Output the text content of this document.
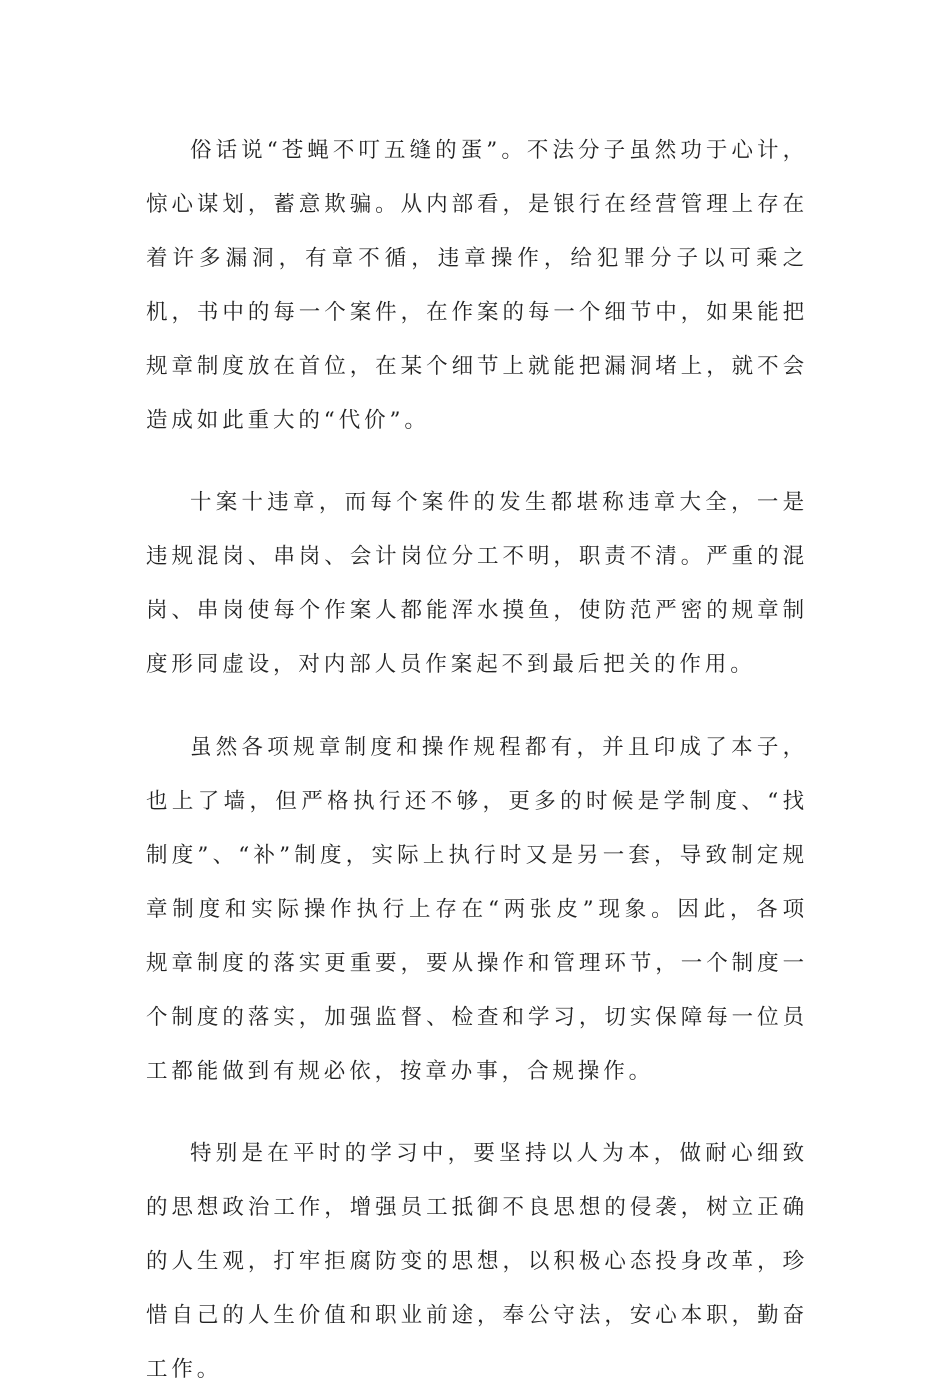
俗话说“苍蝇不叮五缝的蛋”。不法分子虽然功于心计，惊心谋划，蓄意欺骗。从内部看，是银行在经营管理上存在着许多漏洞，有章不循，违章操作，给犯罪分子以可乘之机，书中的每一个案件，在作案的每一个细节中，如果能把规章制度放在首位，在某个细节上就能把漏洞堵上，就不会造成如此重大的“代价”。

十案十违章，而每个案件的发生都堪称违章大全，一是违规混岗、串岗、会计岗位分工不明，职责不清。严重的混岗、串岗使每个作案人都能浑水摸鱼，使防范严密的规章制度形同虚设，对内部人员作案起不到最后把关的作用。

虽然各项规章制度和操作规程都有，并且印成了本子，也上了墙，但严格执行还不够，更多的时候是学制度、“找制度”、“补”制度，实际上执行时又是另一套，导致制定规章制度和实际操作执行上存在“两张皮”现象。因此，各项规章制度的落实更重要，要从操作和管理环节，一个制度一个制度的落实，加强监督、检查和学习，切实保障每一位员工都能做到有规必依，按章办事，合规操作。

特别是在平时的学习中，要坚持以人为本，做耐心细致的思想政治工作，增强员工抵御不良思想的侵袭，树立正确的人生观，打牢拒腐防变的思想，以积极心态投身改革，珍惜自己的人生价值和职业前途，奉公守法，安心本职，勤奋工作。
